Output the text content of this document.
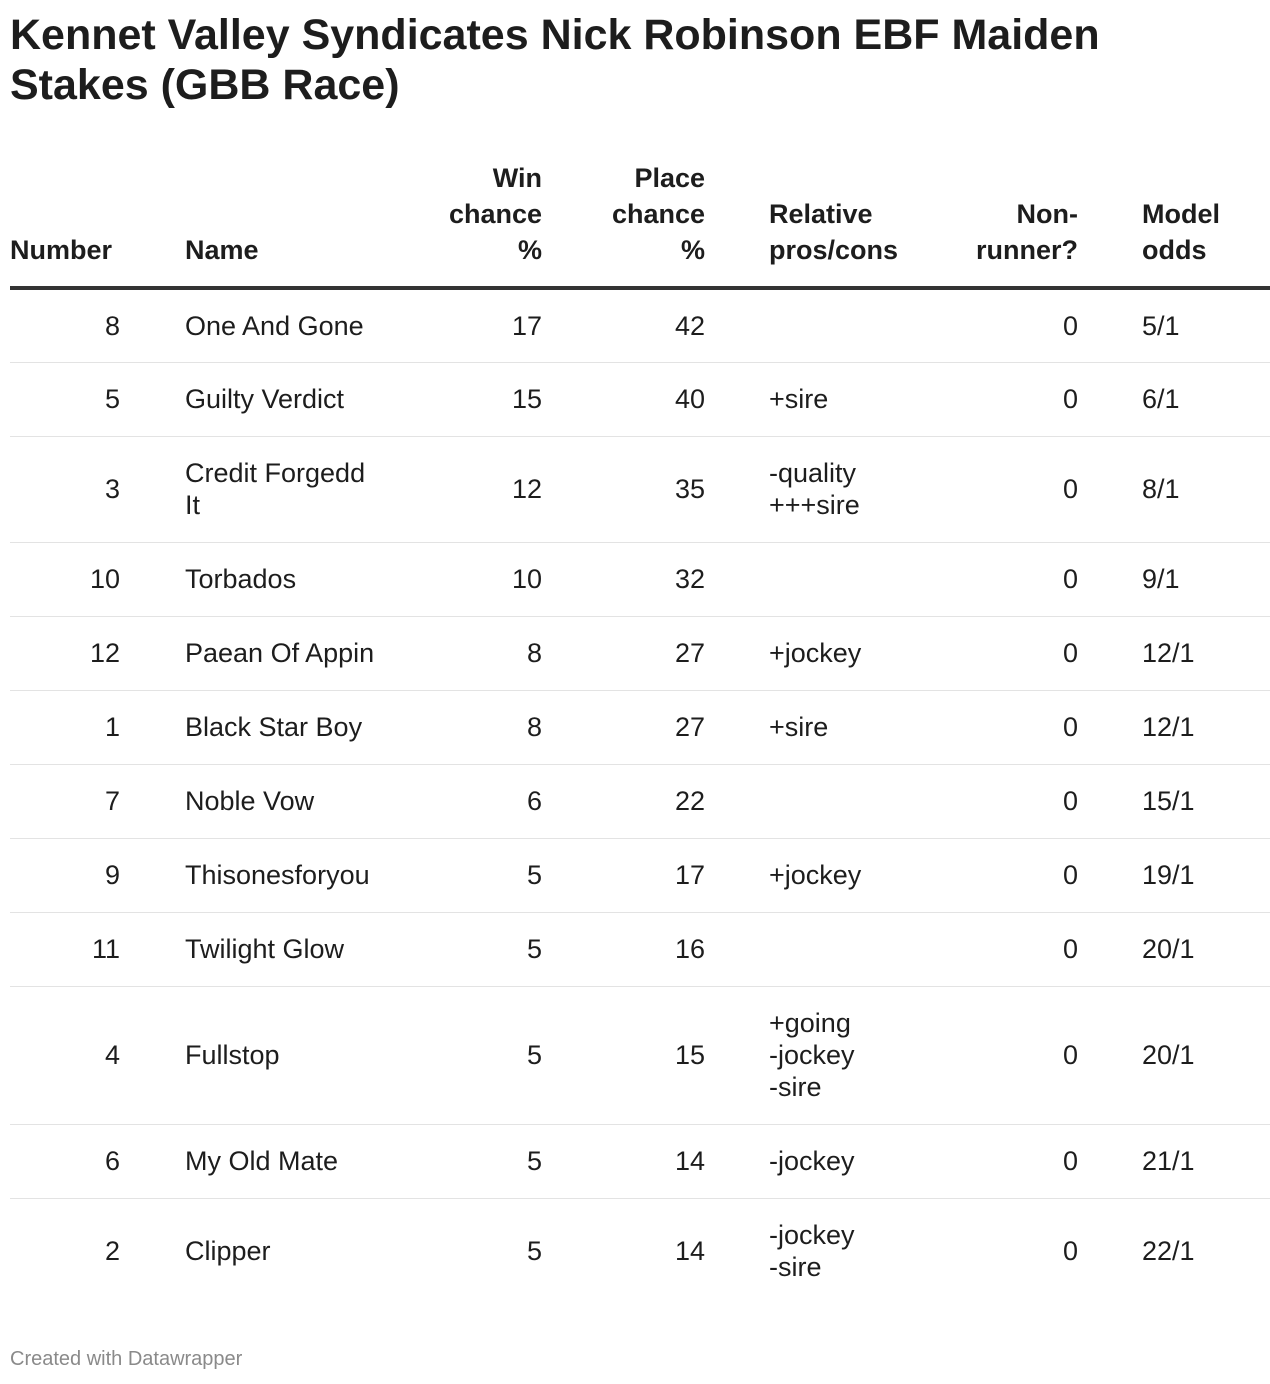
Kennet Valley Syndicates Nick Robinson EBF Maiden Stakes (GBB Race)
Number		Name	Win
chance
%	Place
chance
%		Relative
pros/cons	Non-
runner?		Model
odds

8		One And Gone	17	42			0		5/1
5		Guilty Verdict	15	40		+sire	0		6/1
3		Credit Forgedd It	12	35		-quality
+++sire	0		8/1
10		Torbados	10	32			0		9/1
12		Paean Of Appin	8	27		+jockey	0		12/1
1		Black Star Boy	8	27		+sire	0		12/1
7		Noble Vow	6	22			0		15/1
9		Thisonesforyou	5	17		+jockey	0		19/1
11		Twilight Glow	5	16			0		20/1
4		Fullstop	5	15		+going
-jockey
-sire	0		20/1
6		My Old Mate	5	14		-jockey	0		21/1
2		Clipper	5	14		-jockey
-sire	0		22/1
Created with Datawrapper
